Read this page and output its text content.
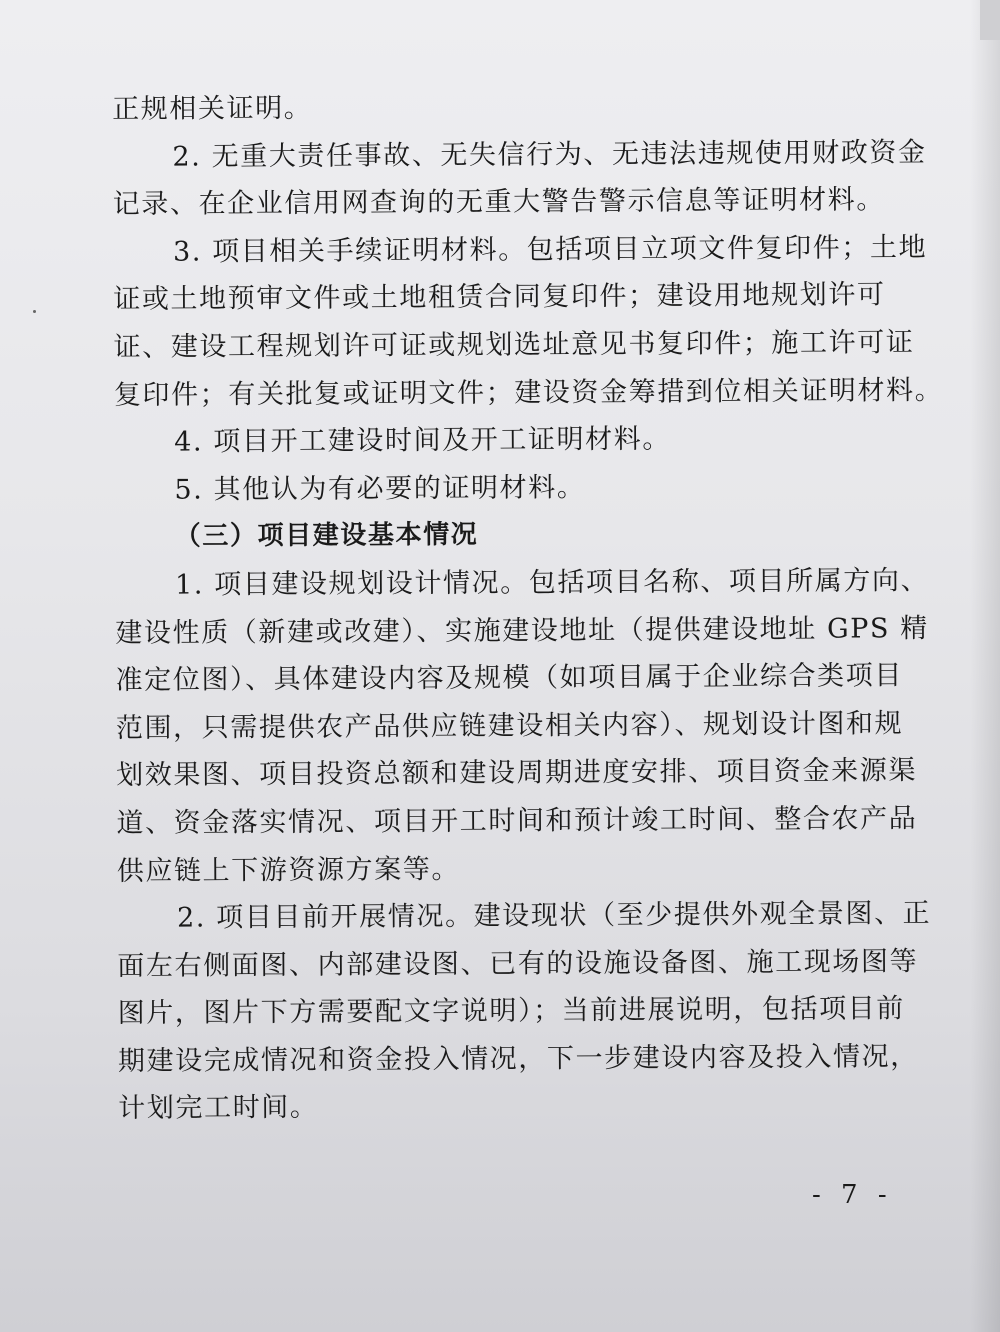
正规相关证明。
2. 无重大责任事故、无失信行为、无违法违规使用财政资金
记录、在企业信用网查询的无重大警告警示信息等证明材料。
3. 项目相关手续证明材料。包括项目立项文件复印件；土地
证或土地预审文件或土地租赁合同复印件；建设用地规划许可
证、建设工程规划许可证或规划选址意见书复印件；施工许可证
复印件；有关批复或证明文件；建设资金筹措到位相关证明材料。
4. 项目开工建设时间及开工证明材料。
5. 其他认为有必要的证明材料。
（三）项目建设基本情况
1. 项目建设规划设计情况。包括项目名称、项目所属方向、
建设性质（新建或改建）、实施建设地址（提供建设地址 GPS 精
准定位图）、具体建设内容及规模（如项目属于企业综合类项目
范围，只需提供农产品供应链建设相关内容）、规划设计图和规
划效果图、项目投资总额和建设周期进度安排、项目资金来源渠
道、资金落实情况、项目开工时间和预计竣工时间、整合农产品
供应链上下游资源方案等。
2. 项目目前开展情况。建设现状（至少提供外观全景图、正
面左右侧面图、内部建设图、已有的设施设备图、施工现场图等
图片，图片下方需要配文字说明）；当前进展说明，包括项目前
期建设完成情况和资金投入情况，下一步建设内容及投入情况，
计划完工时间。
- 7 -
